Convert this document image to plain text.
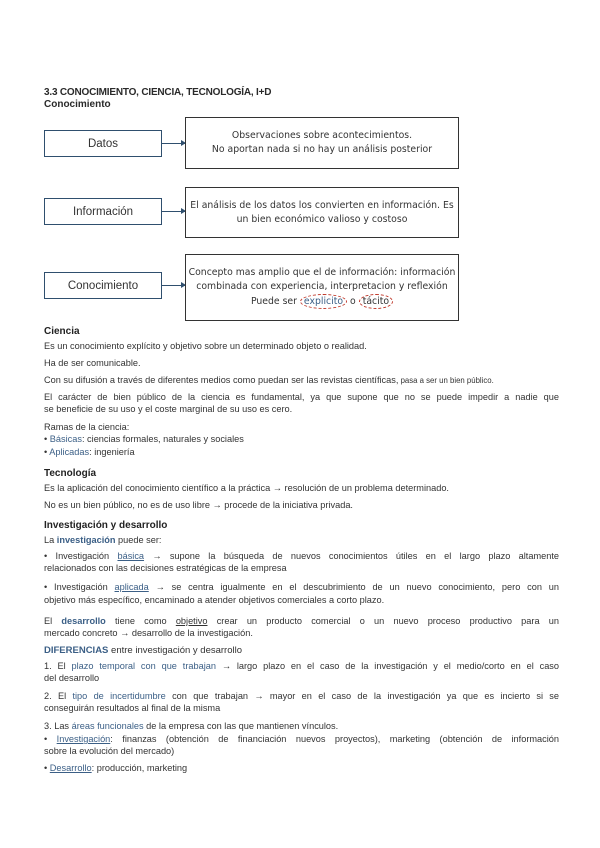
3.3 CONOCIMIENTO, CIENCIA, TECNOLOGÍA, I+D
Conocimiento
Datos
Observaciones sobre acontecimientos.
No aportan nada si no hay un análisis posterior
Información
El análisis de los datos los convierten en información. Es
un bien económico valioso y costoso
Conocimiento
Concepto mas amplio que el de información: información
combinada con experiencia, interpretacion y reflexión
Puede ser explicito o tácito
Ciencia
Es un conocimiento explícito y objetivo sobre un determinado objeto o realidad.
Ha de ser comunicable.
Con su difusión a través de diferentes medios como puedan ser las revistas científicas, pasa a ser un bien público.
El carácter de bien público de la ciencia es fundamental, ya que supone que no se puede impedir a nadie que
se beneficie de su uso y el coste marginal de su uso es cero.
Ramas de la ciencia:
• Básicas: ciencias formales, naturales y sociales
• Aplicadas: ingeniería
Tecnología
Es la aplicación del conocimiento científico a la práctica → resolución de un problema determinado.
No es un bien público, no es de uso libre → procede de la iniciativa privada.
Investigación y desarrollo
La investigación puede ser:
• Investigación básica → supone la búsqueda de nuevos conocimientos útiles en el largo plazo altamente
relacionados con las decisiones estratégicas de la empresa
• Investigación aplicada → se centra igualmente en el descubrimiento de un nuevo conocimiento, pero con un
objetivo más específico, encaminado a atender objetivos comerciales a corto plazo.
El desarrollo tiene como objetivo crear un producto comercial o un nuevo proceso productivo para un
mercado concreto → desarrollo de la investigación.
DIFERENCIAS entre investigación y desarrollo
1. El plazo temporal con que trabajan → largo plazo en el caso de la investigación y el medio/corto en el caso
del desarrollo
2. El tipo de incertidumbre con que trabajan → mayor en el caso de la investigación ya que es incierto si se
conseguirán resultados al final de la misma
3. Las áreas funcionales de la empresa con las que mantienen vínculos.
• Investigación: finanzas (obtención de financiación nuevos proyectos), marketing (obtención de información
sobre la evolución del mercado)
• Desarrollo: producción, marketing
